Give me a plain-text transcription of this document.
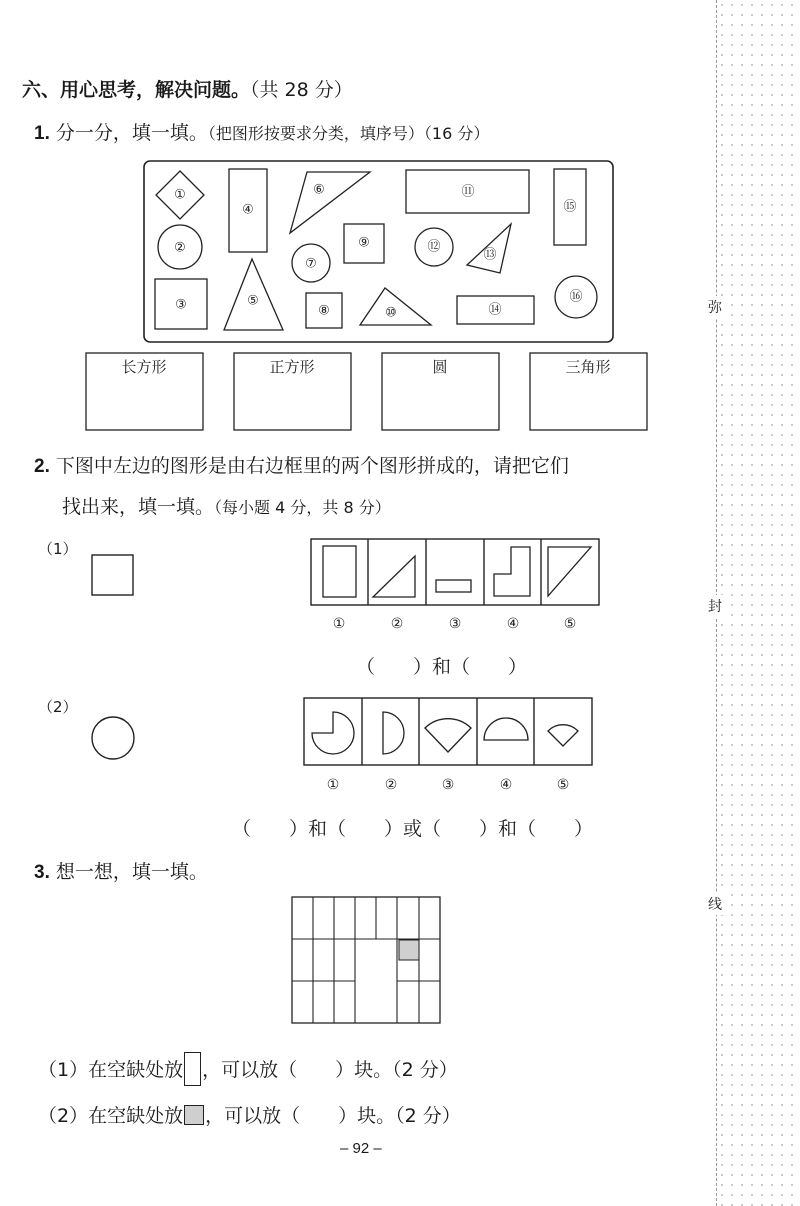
弥
封
线
六、用心思考，解决问题。（共 28 分）
1. 分一分，填一填。（把图形按要求分类，填序号）（16 分）
①
②
③
④
⑤
⑥
⑦
⑧
⑨
⑩
⑪
⑫
⑬
⑭
⑮
⑯
长方形	正方形	圆	三角形
2. 下图中左边的图形是由右边框里的两个图形拼成的，请把它们
找出来，填一填。（每小题 4 分，共 8 分）
（1）
①	②	③	④	⑤
（　　）和（　　）
（2）
①	②	③	④	⑤
（　　）和（　　）或（　　）和（　　）
3. 想一想，填一填。
（1）在空缺处放 ，可以放（　　）块。（2 分）
（2）在空缺处放 ，可以放（　　）块。（2 分）
– 92 –
